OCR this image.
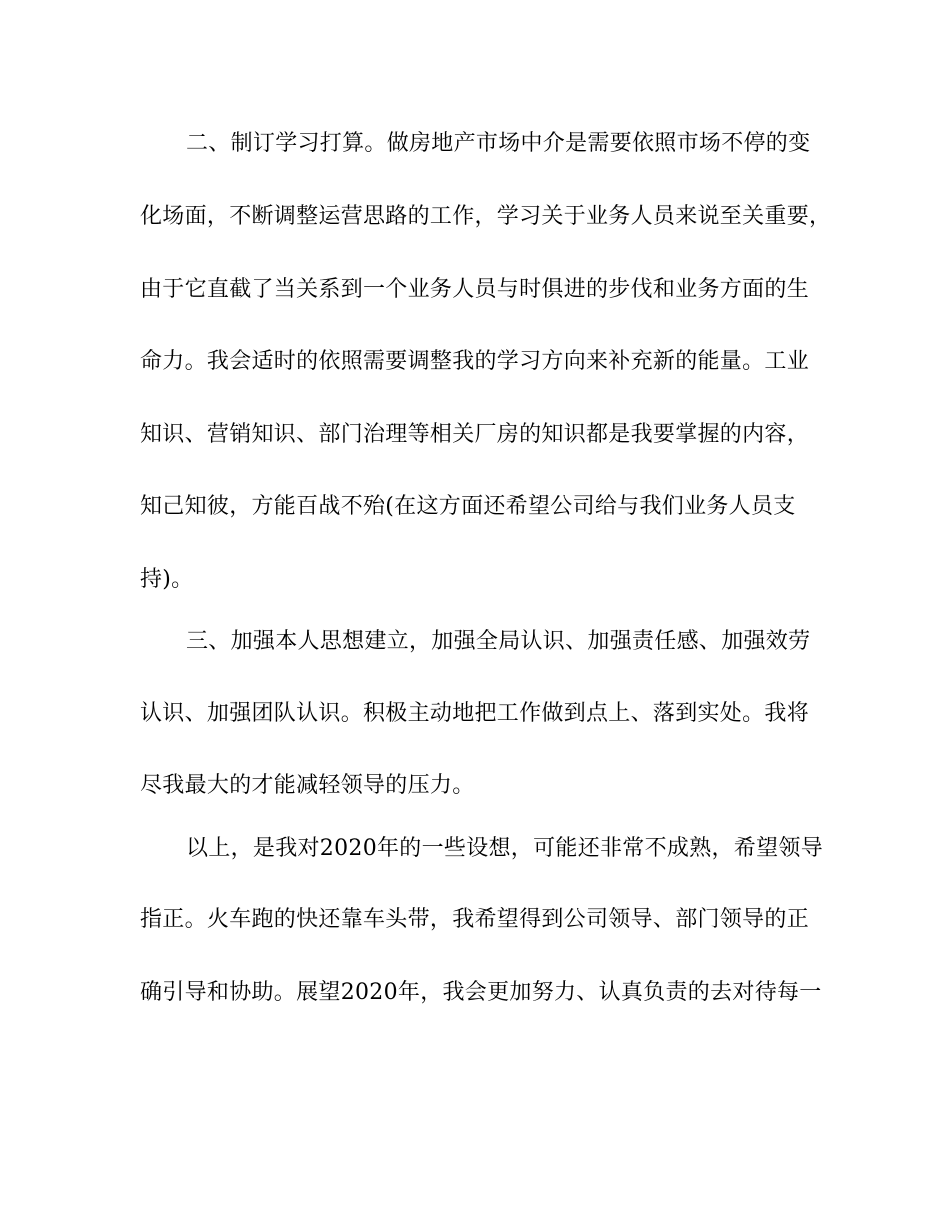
二、制订学习打算。做房地产市场中介是需要依照市场不停的变
化场面，不断调整运营思路的工作，学习关于业务人员来说至关重要，
由于它直截了当关系到一个业务人员与时俱进的步伐和业务方面的生
命力。我会适时的依照需要调整我的学习方向来补充新的能量。工业
知识、营销知识、部门治理等相关厂房的知识都是我要掌握的内容，
知己知彼，方能百战不殆(在这方面还希望公司给与我们业务人员支
持)。
三、加强本人思想建立，加强全局认识、加强责任感、加强效劳
认识、加强团队认识。积极主动地把工作做到点上、落到实处。我将
尽我最大的才能减轻领导的压力。
以上，是我对2020年的一些设想，可能还非常不成熟，希望领导
指正。火车跑的快还靠车头带，我希望得到公司领导、部门领导的正
确引导和协助。展望2020年，我会更加努力、认真负责的去对待每一
